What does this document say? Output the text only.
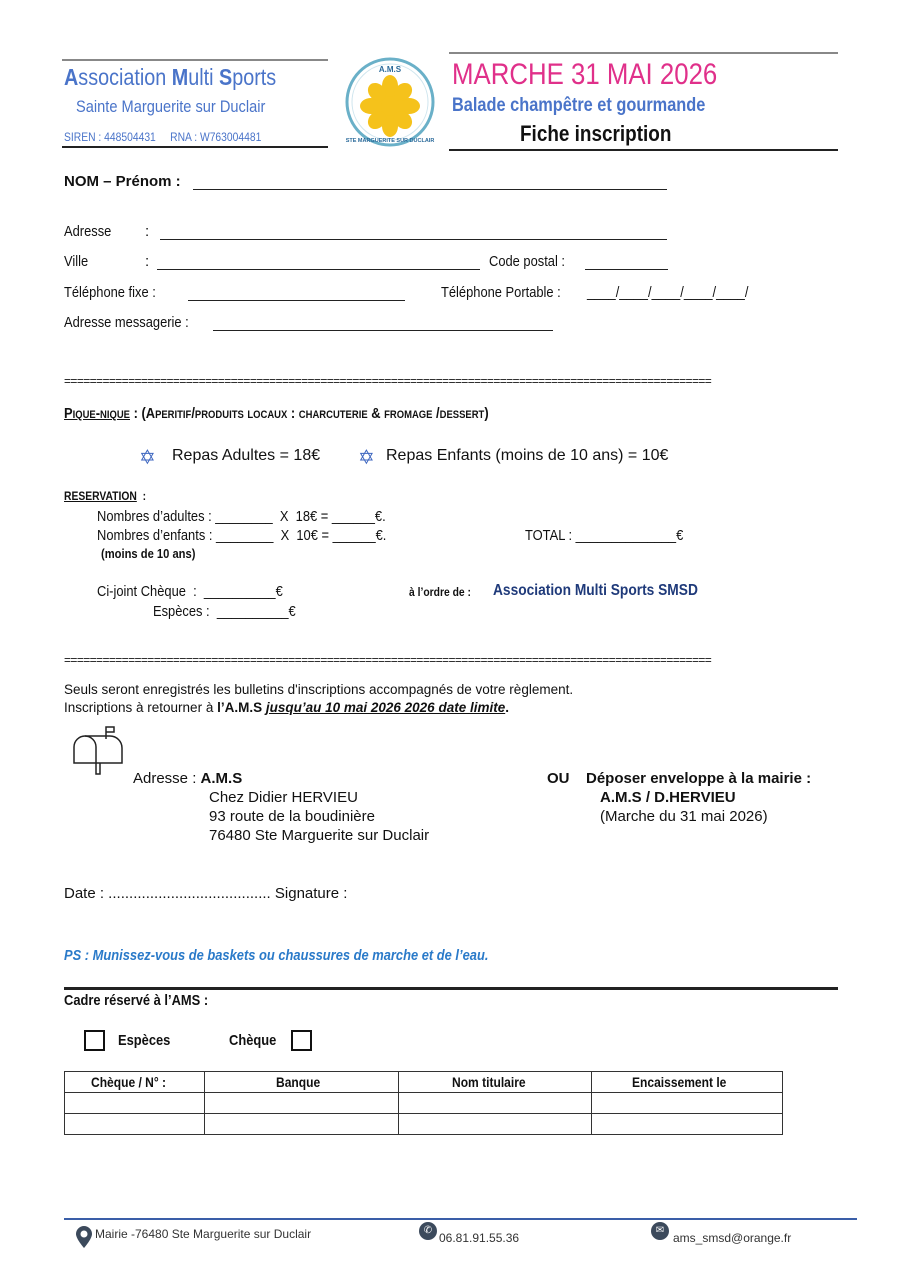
Association Multi Sports
Sainte Marguerite sur Duclair
SIREN : 448504431     RNA : W763004481
A.M.S
STE MARGUERITE SUR DUCLAIR
MARCHE 31 MAI 2026
Balade champêtre et gourmande
Fiche inscription
NOM – Prénom :
Adresse	:
Ville	:	Code postal :
Téléphone fixe :	Téléphone Portable :	____/____/____/____/____/
Adresse messagerie :
=====================================================================================================
Pique-nique : (Aperitif/produits locaux : charcuterie & fromage /dessert)
✡ Repas Adultes = 18€ ✡ Repas Enfants (moins de 10 ans) = 10€
RESERVATION  :
Nombres d’adultes : ________  X  18€ = ______€.
Nombres d’enfants : ________  X  10€ = ______€.	TOTAL : ______________€
(moins de 10 ans)
Ci-joint Chèque  :  __________€
Espèces :  __________€
à l’ordre de :	Association Multi Sports SMSD
=====================================================================================================
Seuls seront enregistrés les bulletins d'inscriptions accompagnés de votre règlement.
Inscriptions à retourner à l’A.M.S jusqu’au 10 mai 2026 2026 date limite.
Adresse : A.M.S
Chez Didier HERVIEU
93 route de la boudinière
76480 Ste Marguerite sur Duclair
OU Déposer enveloppe à la mairie :
A.M.S / D.HERVIEU
(Marche du 31 mai 2026)
Date : ....................................... Signature :
PS : Munissez-vous de baskets ou chaussures de marche et de l’eau.
Cadre réservé à l’AMS :
Espèces	Chèque
Chèque / N° :	Banque	Nom titulaire	Encaissement le

Mairie -76480 Ste Marguerite sur Duclair	✆
06.81.91.55.36
✉
ams_smsd@orange.fr
